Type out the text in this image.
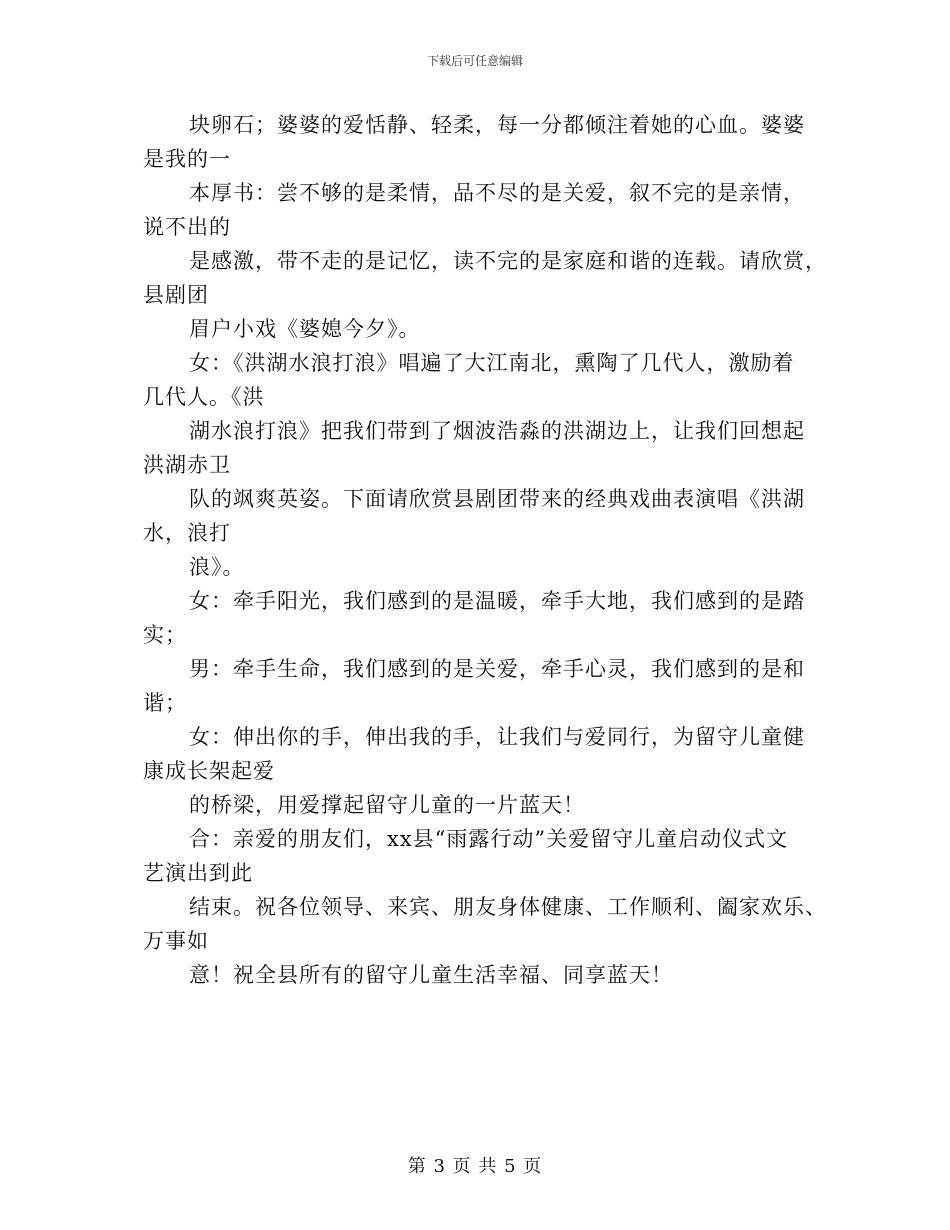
下载后可任意编辑

块卵石；婆婆的爱恬静、轻柔，每一分都倾注着她的心血。婆婆
是我的一

本厚书：尝不够的是柔情，品不尽的是关爱，叙不完的是亲情，
说不出的

是感激，带不走的是记忆，读不完的是家庭和谐的连载。请欣赏，
县剧团

眉户小戏《婆媳今夕》。

女：《洪湖水浪打浪》唱遍了大江南北，熏陶了几代人，激励着
几代人。《洪

湖水浪打浪》把我们带到了烟波浩淼的洪湖边上，让我们回想起
洪湖赤卫

队的飒爽英姿。下面请欣赏县剧团带来的经典戏曲表演唱《洪湖
水，浪打

浪》。

女：牵手阳光，我们感到的是温暖，牵手大地，我们感到的是踏
实；

男：牵手生命，我们感到的是关爱，牵手心灵，我们感到的是和
谐；

女：伸出你的手，伸出我的手，让我们与爱同行，为留守儿童健
康成长架起爱

的桥梁，用爱撑起留守儿童的一片蓝天！

合：亲爱的朋友们，xx县“雨露行动”关爱留守儿童启动仪式文
艺演出到此

结束。祝各位领导、来宾、朋友身体健康、工作顺利、阖家欢乐、
万事如

意！祝全县所有的留守儿童生活幸福、同享蓝天！

第 3 页 共 5 页
